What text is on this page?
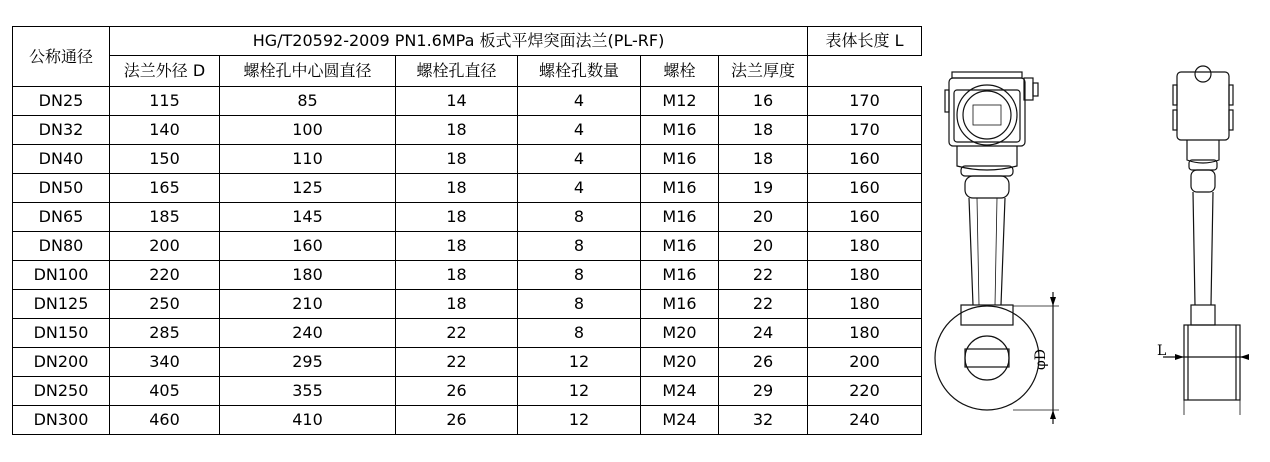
公称通径	HG/T20592-2009 PN1.6MPa 板式平焊突面法兰(PL-RF)						表体长度 L
	法兰外径 D	螺栓孔中心圆直径	螺栓孔直径	螺栓孔数量	螺栓	法兰厚度	
DN25	115	85	14	4	M12	16	170
DN32	140	100	18	4	M16	18	170
DN40	150	110	18	4	M16	18	160
DN50	165	125	18	4	M16	19	160
DN65	185	145	18	8	M16	20	160
DN80	200	160	18	8	M16	20	180
DN100	220	180	18	8	M16	22	180
DN125	250	210	18	8	M16	22	180
DN150	285	240	22	8	M20	24	180
DN200	340	295	22	12	M20	26	200
DN250	405	355	26	12	M24	29	220
DN300	460	410	26	12	M24	32	240
φD	L
